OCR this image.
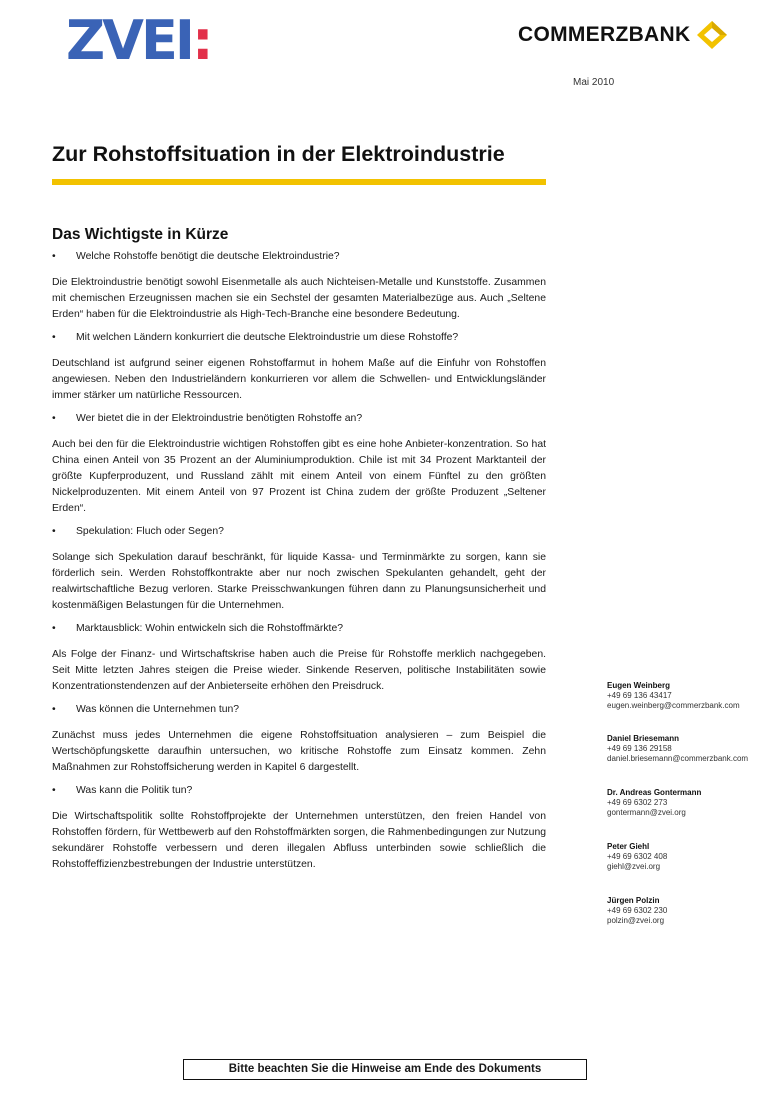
ZVEI:	COMMERZBANK
Mai 2010
Zur Rohstoffsituation in der Elektroindustrie
Das Wichtigste in Kürze
•	Welche Rohstoffe benötigt die deutsche Elektroindustrie?

Die Elektroindustrie benötigt sowohl Eisenmetalle als auch Nichteisen-Metalle und Kunststoffe. Zusammen mit chemischen Erzeugnissen machen sie ein Sechstel der gesamten Materialbezüge aus. Auch „Seltene Erden“ haben für die Elektroindustrie als High-Tech-Branche eine besondere Bedeutung.

•	Mit welchen Ländern konkurriert die deutsche Elektroindustrie um diese Rohstoffe?

Deutschland ist aufgrund seiner eigenen Rohstoffarmut in hohem Maße auf die Einfuhr von Rohstoffen angewiesen. Neben den Industrieländern konkurrieren vor allem die Schwellen- und Entwicklungsländer immer stärker um natürliche Ressourcen.

•	Wer bietet die in der Elektroindustrie benötigten Rohstoffe an?

Auch bei den für die Elektroindustrie wichtigen Rohstoffen gibt es eine hohe Anbieter-konzentration. So hat China einen Anteil von 35 Prozent an der Aluminiumproduktion. Chile ist mit 34 Prozent Marktanteil der größte Kupferproduzent, und Russland zählt mit einem Anteil von einem Fünftel zu den größten Nickelproduzenten. Mit einem Anteil von 97 Prozent ist China zudem der größte Produzent „Seltener Erden“.

•	Spekulation: Fluch oder Segen?

Solange sich Spekulation darauf beschränkt, für liquide Kassa- und Terminmärkte zu sorgen, kann sie förderlich sein. Werden Rohstoffkontrakte aber nur noch zwischen Spekulanten gehandelt, geht der realwirtschaftliche Bezug verloren. Starke Preisschwankungen führen dann zu Planungsunsicherheit und kostenmäßigen Belastungen für die Unternehmen.

•	Marktausblick: Wohin entwickeln sich die Rohstoffmärkte?

Als Folge der Finanz- und Wirtschaftskrise haben auch die Preise für Rohstoffe merklich nachgegeben. Seit Mitte letzten Jahres steigen die Preise wieder. Sinkende Reserven, politische Instabilitäten sowie Konzentrationstendenzen auf der Anbieterseite erhöhen den Preisdruck.

•	Was können die Unternehmen tun?

Zunächst muss jedes Unternehmen die eigene Rohstoffsituation analysieren – zum Beispiel die Wertschöpfungskette daraufhin untersuchen, wo kritische Rohstoffe zum Einsatz kommen. Zehn Maßnahmen zur Rohstoffsicherung werden in Kapitel 6 dargestellt.

•	Was kann die Politik tun?

Die Wirtschaftspolitik sollte Rohstoffprojekte der Unternehmen unterstützen, den freien Handel von Rohstoffen fördern, für Wettbewerb auf den Rohstoffmärkten sorgen, die Rahmenbedingungen zur Nutzung sekundärer Rohstoffe verbessern und deren illegalen Abfluss unterbinden sowie schließlich die Rohstoffeffizienzbestrebungen der Industrie unterstützen.

Eugen Weinberg
+49 69 136 43417
eugen.weinberg@commerzbank.com
Daniel Briesemann
+49 69 136 29158
daniel.briesemann@commerzbank.com
Dr. Andreas Gontermann
+49 69 6302 273
gontermann@zvei.org
Peter Giehl
+49 69 6302 408
giehl@zvei.org
Jürgen Polzin
+49 69 6302 230
polzin@zvei.org
Bitte beachten Sie die Hinweise am Ende des Dokuments
